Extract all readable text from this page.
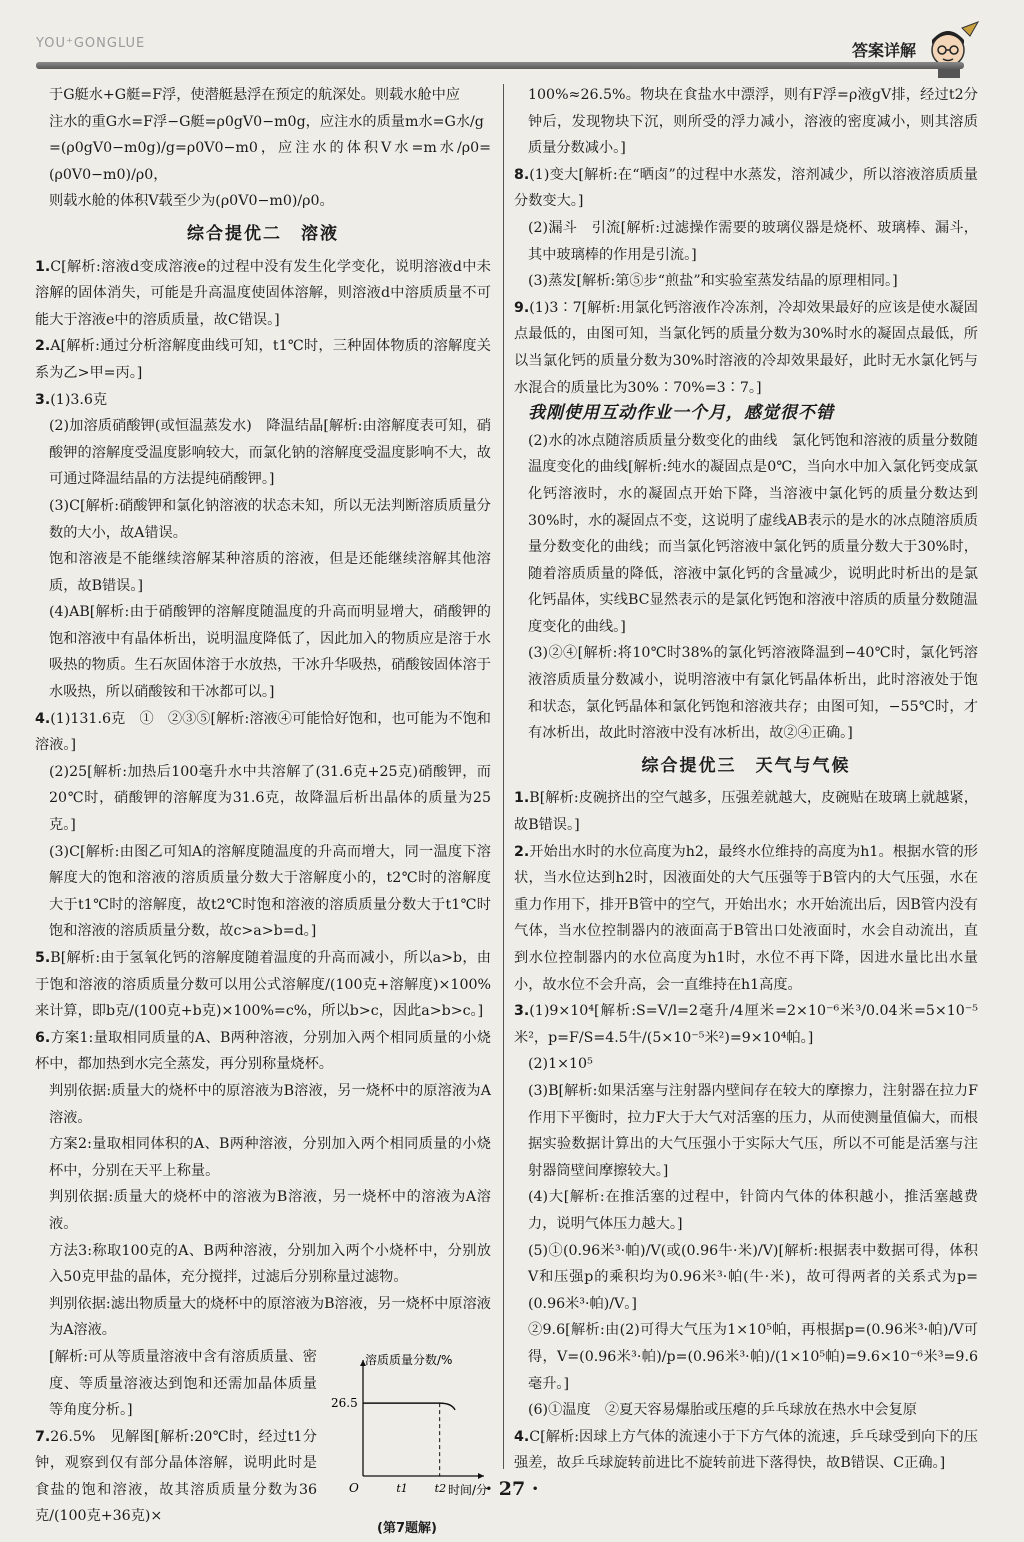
YOU⁺GONGLUE	答案详解

于G艇水+G艇=F浮，使潜艇悬浮在预定的航深处。则载水舱中应

注水的重G水=F浮−G艇=ρ0gV0−m0g，应注水的质量m水=G水/g

=(ρ0gV0−m0g)/g=ρ0V0−m0，应注水的体积V水=m水/ρ0=(ρ0V0−m0)/ρ0，

则载水舱的体积V载至少为(ρ0V0−m0)/ρ0。

综合提优二　溶液

1.C[解析:溶液d变成溶液e的过程中没有发生化学变化，说明溶液d中未溶解的固体消失，可能是升高温度使固体溶解，则溶液d中溶质质量不可能大于溶液e中的溶质质量，故C错误。]

2.A[解析:通过分析溶解度曲线可知，t1℃时，三种固体物质的溶解度关系为乙>甲=丙。]

3.(1)3.6克

(2)加溶质硝酸钾(或恒温蒸发水)　降温结晶[解析:由溶解度表可知，硝酸钾的溶解度受温度影响较大，而氯化钠的溶解度受温度影响不大，故可通过降温结晶的方法提纯硝酸钾。]

(3)C[解析:硝酸钾和氯化钠溶液的状态未知，所以无法判断溶质质量分数的大小，故A错误。

饱和溶液是不能继续溶解某种溶质的溶液，但是还能继续溶解其他溶质，故B错误。]

(4)AB[解析:由于硝酸钾的溶解度随温度的升高而明显增大，硝酸钾的饱和溶液中有晶体析出，说明温度降低了，因此加入的物质应是溶于水吸热的物质。生石灰固体溶于水放热，干冰升华吸热，硝酸铵固体溶于水吸热，所以硝酸铵和干冰都可以。]

4.(1)131.6克　①　②③⑤[解析:溶液④可能恰好饱和，也可能为不饱和溶液。]

(2)25[解析:加热后100毫升水中共溶解了(31.6克+25克)硝酸钾，而20℃时，硝酸钾的溶解度为31.6克，故降温后析出晶体的质量为25克。]

(3)C[解析:由图乙可知A的溶解度随温度的升高而增大，同一温度下溶解度大的饱和溶液的溶质质量分数大于溶解度小的，t2℃时的溶解度大于t1℃时的溶解度，故t2℃时饱和溶液的溶质质量分数大于t1℃时饱和溶液的溶质质量分数，故c>a>b=d。]

5.B[解析:由于氢氧化钙的溶解度随着温度的升高而减小，所以a>b，由于饱和溶液的溶质质量分数可以用公式溶解度/(100克+溶解度)×100%来计算，即b克/(100克+b克)×100%=c%，所以b>c，因此a>b>c。]

6.方案1:量取相同质量的A、B两种溶液，分别加入两个相同质量的小烧杯中，都加热到水完全蒸发，再分别称量烧杯。

判别依据:质量大的烧杯中的原溶液为B溶液，另一烧杯中的原溶液为A溶液。

方案2:量取相同体积的A、B两种溶液，分别加入两个相同质量的小烧杯中，分别在天平上称量。

判别依据:质量大的烧杯中的溶液为B溶液，另一烧杯中的溶液为A溶液。

方法3:称取100克的A、B两种溶液，分别加入两个小烧杯中，分别放入50克甲盐的晶体，充分搅拌，过滤后分别称量过滤物。

判别依据:滤出物质量大的烧杯中的原溶液为B溶液，另一烧杯中原溶液为A溶液。

溶质质量分数/%
时间/分
O
26.5
t1 t2
(第7题解)

[解析:可从等质量溶液中含有溶质质量、密度、等质量溶液达到饱和还需加晶体质量等角度分析。]

7.26.5%　见解图[解析:20℃时，经过t1分钟，观察到仅有部分晶体溶解，说明此时是食盐的饱和溶液，故其溶质质量分数为36克/(100克+36克)×

100%≈26.5%。物块在食盐水中漂浮，则有F浮=ρ液gV排，经过t2分钟后，发现物块下沉，则所受的浮力减小，溶液的密度减小，则其溶质质量分数减小。]

8.(1)变大[解析:在“晒卤”的过程中水蒸发，溶剂减少，所以溶液溶质质量分数变大。]

(2)漏斗　引流[解析:过滤操作需要的玻璃仪器是烧杯、玻璃棒、漏斗，其中玻璃棒的作用是引流。]

(3)蒸发[解析:第⑤步“煎盐”和实验室蒸发结晶的原理相同。]

9.(1)3∶7[解析:用氯化钙溶液作冷冻剂，冷却效果最好的应该是使水凝固点最低的，由图可知，当氯化钙的质量分数为30%时水的凝固点最低，所以当氯化钙的质量分数为30%时溶液的冷却效果最好，此时无水氯化钙与水混合的质量比为30%∶70%=3∶7。]

我刚使用互动作业一个月，感觉很不错

(2)水的冰点随溶质质量分数变化的曲线　氯化钙饱和溶液的质量分数随温度变化的曲线[解析:纯水的凝固点是0℃，当向水中加入氯化钙变成氯化钙溶液时，水的凝固点开始下降，当溶液中氯化钙的质量分数达到30%时，水的凝固点不变，这说明了虚线AB表示的是水的冰点随溶质质量分数变化的曲线；而当氯化钙溶液中氯化钙的质量分数大于30%时，随着溶质质量的降低，溶液中氯化钙的含量减少，说明此时析出的是氯化钙晶体，实线BC显然表示的是氯化钙饱和溶液中溶质的质量分数随温度变化的曲线。]

(3)②④[解析:将10℃时38%的氯化钙溶液降温到−40℃时，氯化钙溶液溶质质量分数减小，说明溶液中有氯化钙晶体析出，此时溶液处于饱和状态，氯化钙晶体和氯化钙饱和溶液共存；由图可知，−55℃时，才有冰析出，故此时溶液中没有冰析出，故②④正确。]

综合提优三　天气与气候

1.B[解析:皮碗挤出的空气越多，压强差就越大，皮碗贴在玻璃上就越紧，故B错误。]

2.开始出水时的水位高度为h2，最终水位维持的高度为h1。根据水管的形状，当水位达到h2时，因液面处的大气压强等于B管内的大气压强，水在重力作用下，排开B管中的空气，开始出水；水开始流出后，因B管内没有气体，当水位控制器内的液面高于B管出口处液面时，水会自动流出，直到水位控制器内的水位高度为h1时，水位不再下降，因进水量比出水量小，故水位不会升高，会一直维持在h1高度。

3.(1)9×10⁴[解析:S=V/l=2毫升/4厘米=2×10⁻⁶米³/0.04米=5×10⁻⁵米²，p=F/S=4.5牛/(5×10⁻⁵米²)=9×10⁴帕。]

(2)1×10⁵

(3)B[解析:如果活塞与注射器内壁间存在较大的摩擦力，注射器在拉力F作用下平衡时，拉力F大于大气对活塞的压力，从而使测量值偏大，而根据实验数据计算出的大气压强小于实际大气压，所以不可能是活塞与注射器筒壁间摩擦较大。]

(4)大[解析:在推活塞的过程中，针筒内气体的体积越小，推活塞越费力，说明气体压力越大。]

(5)①(0.96米³·帕)/V(或(0.96牛·米)/V)[解析:根据表中数据可得，体积V和压强p的乘积均为0.96米³·帕(牛·米)，故可得两者的关系式为p=(0.96米³·帕)/V。]

②9.6[解析:由(2)可得大气压为1×10⁵帕，再根据p=(0.96米³·帕)/V可得，V=(0.96米³·帕)/p=(0.96米³·帕)/(1×10⁵帕)=9.6×10⁻⁶米³=9.6毫升。]

(6)①温度　②夏天容易爆胎或压瘪的乒乓球放在热水中会复原

4.C[解析:因球上方气体的流速小于下方气体的流速，乒乓球受到向下的压强差，故乒乓球旋转前进比不旋转前进下落得快，故B错误、C正确。]

· 27 ·
